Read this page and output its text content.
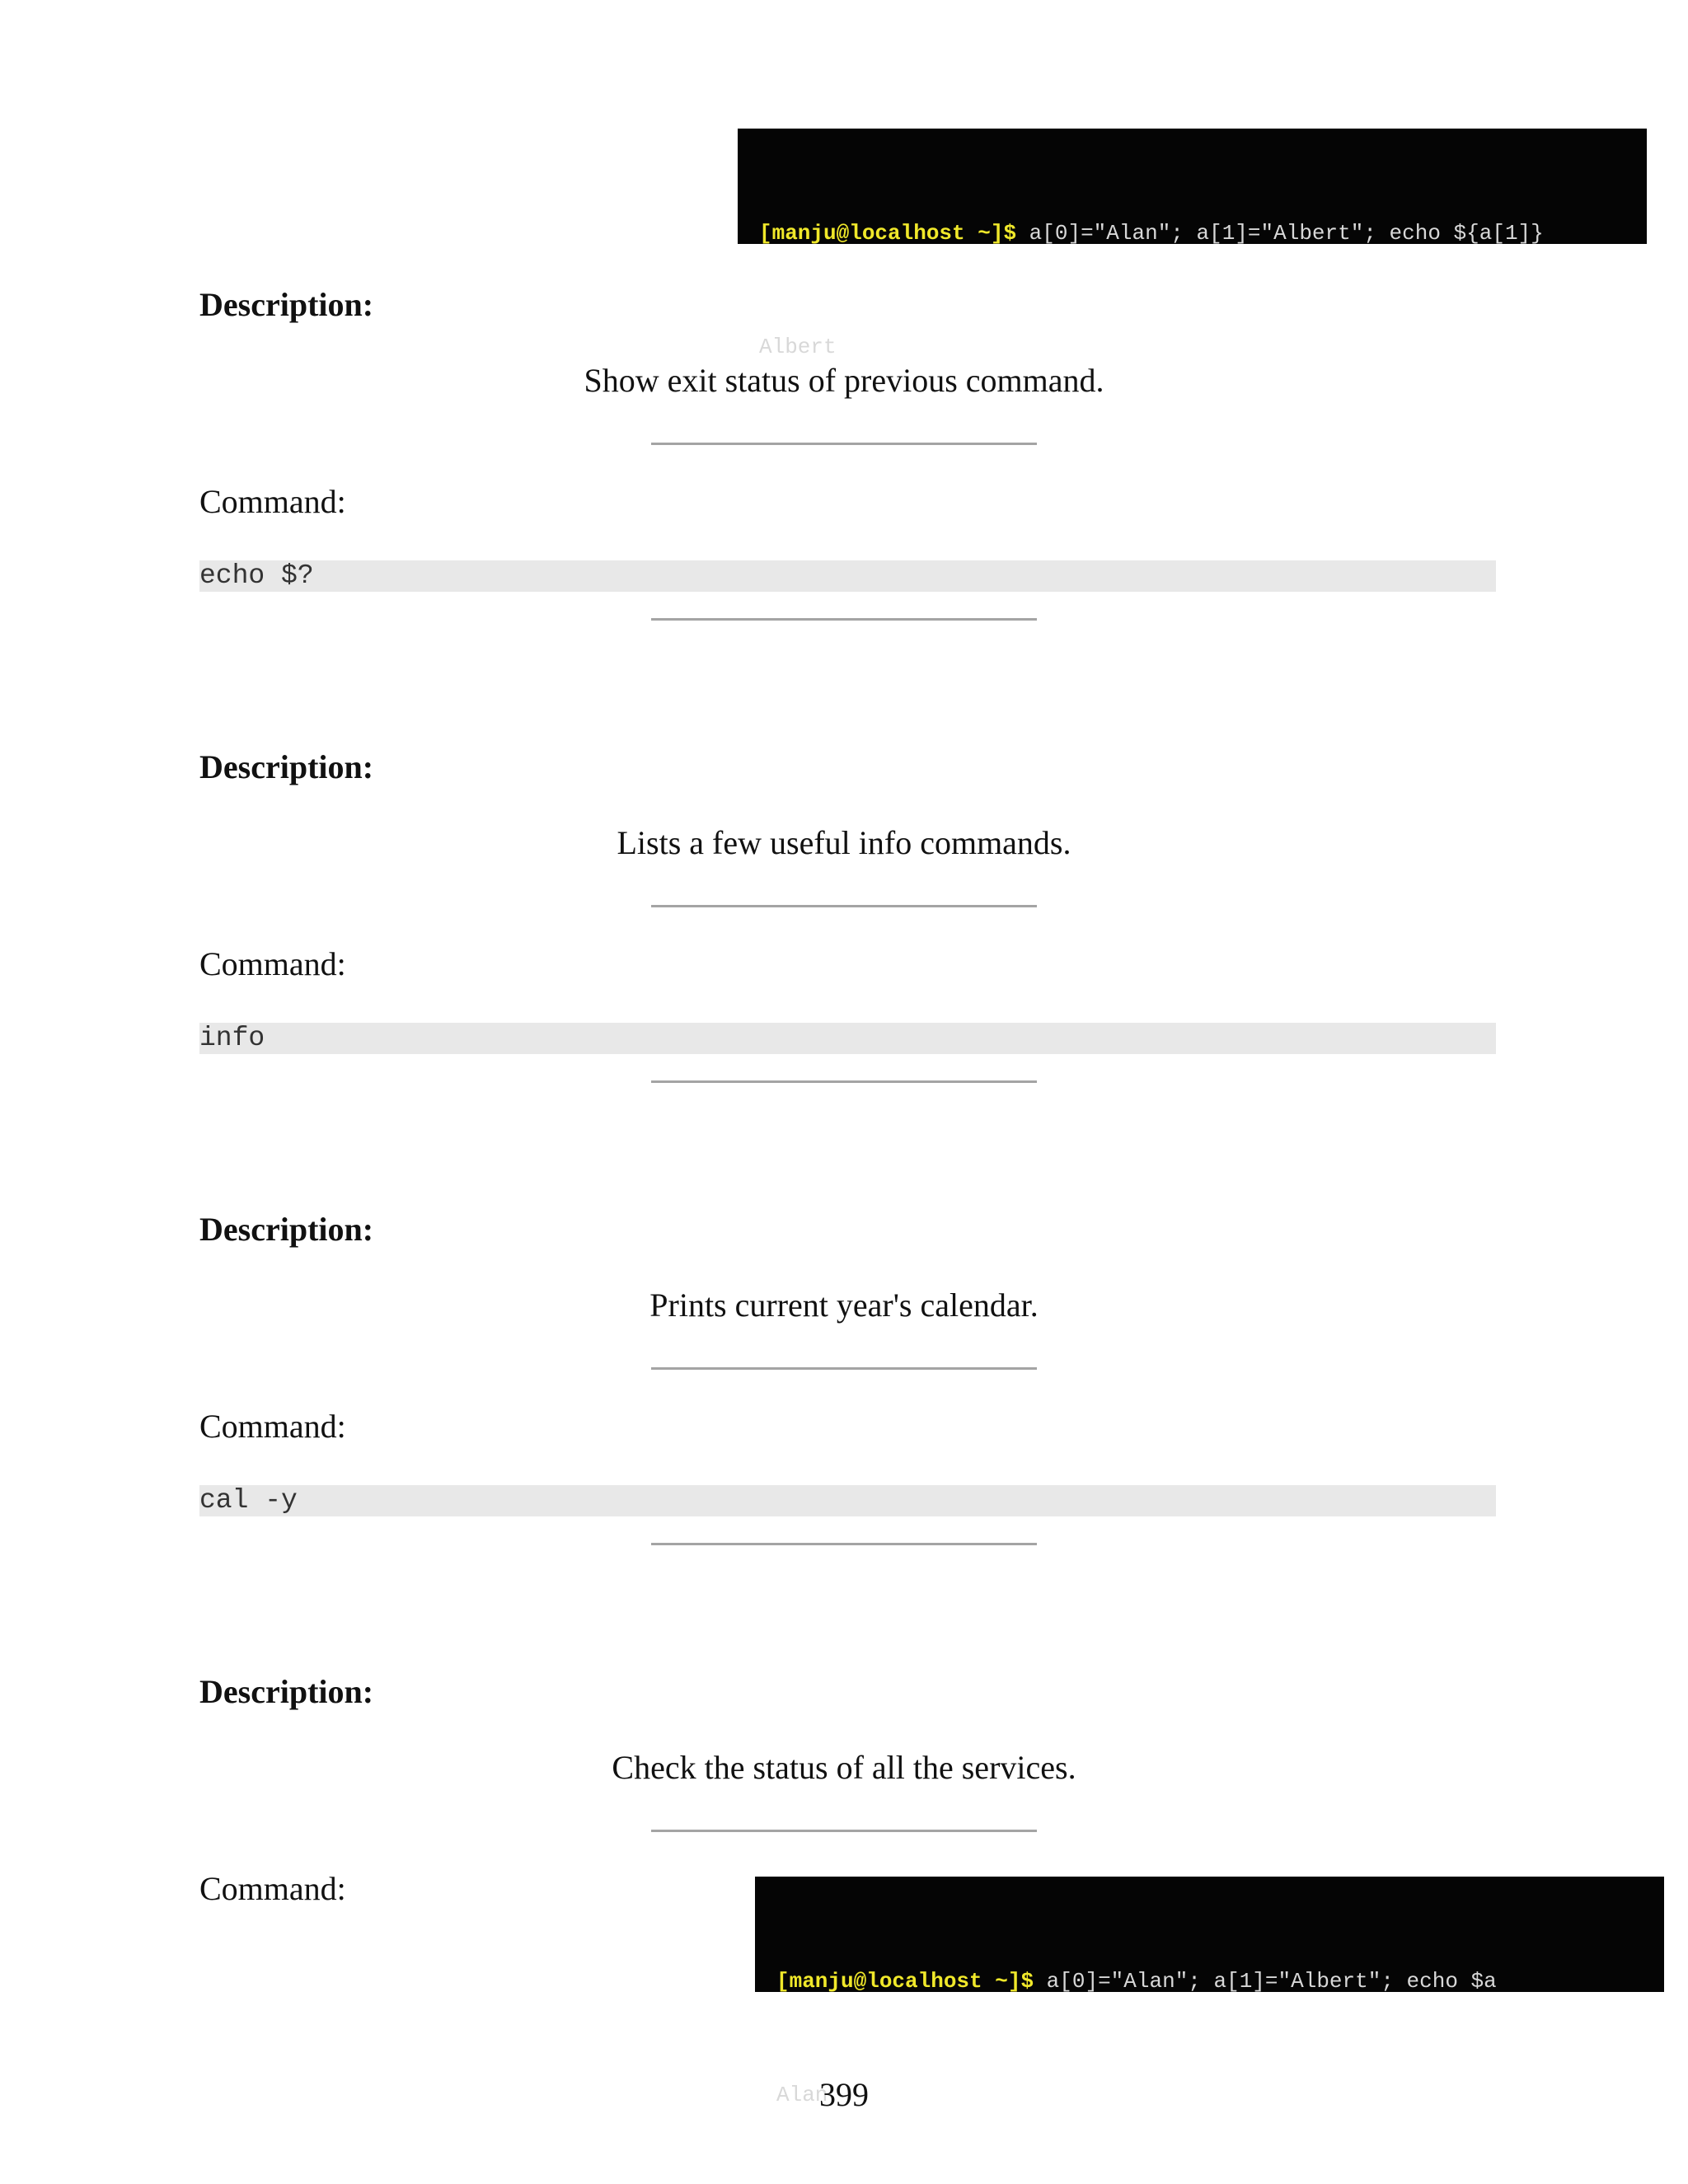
[manju@localhost ~]$ a[0]="Alan"; a[1]="Albert"; echo ${a[1]}

Albert

Description:
Show exit status of previous command.
Command:
echo $?
Description:
Lists a few useful info commands.
Command:
info
Description:
Prints current year's calendar.
Command:
cal -y
Description:
Check the status of all the services.
Command:

[manju@localhost ~]$ a[0]="Alan"; a[1]="Albert"; echo $a

Alan

399
